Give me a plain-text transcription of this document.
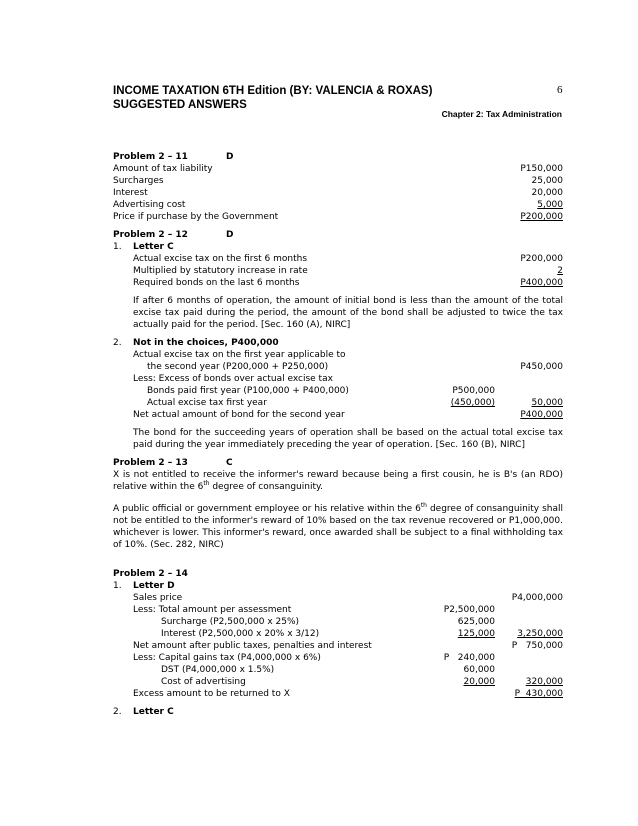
INCOME TAXATION 6TH Edition (BY: VALENCIA & ROXAS)
SUGGESTED ANSWERS
6
Chapter 2: Tax Administration
Problem 2 – 11	D
Amount of tax liability	P150,000
Surcharges	25,000
Interest	20,000
Advertising cost	5,000
Price if purchase by the Government	P200,000
Problem 2 – 12	D
1. Letter C
Actual excise tax on the first 6 months	P200,000
Multiplied by statutory increase in rate	2
Required bonds on the last 6 months	P400,000
If after 6 months of operation, the amount of initial bond is less than the amount of the total excise tax paid during the period, the amount of the bond shall be adjusted to twice the tax actually paid for the period. [Sec. 160 (A), NIRC]
2. Not in the choices, P400,000
Actual excise tax on the first year applicable to
the second year (P200,000 + P250,000)	P450,000
Less: Excess of bonds over actual excise tax
Bonds paid first year (P100,000 + P400,000)	P500,000
Actual excise tax first year	(450,000)	50,000
Net actual amount of bond for the second year	P400,000
The bond for the succeeding years of operation shall be based on the actual total excise tax paid during the year immediately preceding the year of operation. [Sec. 160 (B), NIRC]
Problem 2 – 13	C
X is not entitled to receive the informer's reward because being a first cousin, he is B's (an RDO) relative within the 6th degree of consanguinity.
A public official or government employee or his relative within the 6th degree of consanguinity shall not be entitled to the informer's reward of 10% based on the tax revenue recovered or P1,000,000. whichever is lower. This informer's reward, once awarded shall be subject to a final withholding tax of 10%. (Sec. 282, NIRC)
Problem 2 – 14
1. Letter D
Sales price	P4,000,000
Less: Total amount per assessment	P2,500,000
Surcharge (P2,500,000 x 25%)	625,000
Interest (P2,500,000 x 20% x 3/12)	125,000	3,250,000
Net amount after public taxes, penalties and interest	P   750,000
Less: Capital gains tax (P4,000,000 x 6%)	P   240,000
DST (P4,000,000 x 1.5%)	60,000
Cost of advertising	20,000	320,000
Excess amount to be returned to X	P  430,000
2. Letter C
